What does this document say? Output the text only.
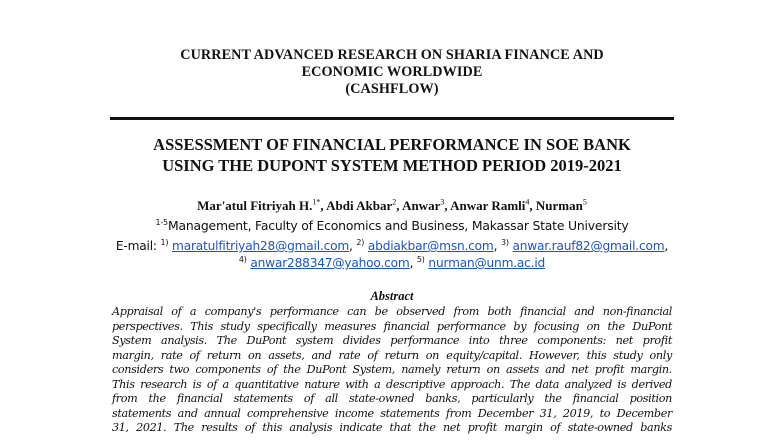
CURRENT ADVANCED RESEARCH ON SHARIA FINANCE AND
ECONOMIC WORLDWIDE
(CASHFLOW)
ASSESSMENT OF FINANCIAL PERFORMANCE IN SOE BANK
USING THE DUPONT SYSTEM METHOD PERIOD 2019-2021
Mar'atul Fitriyah H.$^{1*}$, Abdi Akbar$^2$, Anwar$^3$, Anwar Ramli$^4$, Nurman$^5$
$^{1-5}$Management, Faculty of Economics and Business, Makassar State University
E-mail: $^{1)}$ maratulfitriyah28@gmail.com, $^{2)}$ abdiakbar@msn.com, $^{3)}$ anwar.rauf82@gmail.com,
$^{4)}$ anwar288347@yahoo.com, $^{5)}$ nurman@unm.ac.id
Abstract
Appraisal of a company's performance can be observed from both financial and non-financial
perspectives. This study specifically measures financial performance by focusing on the DuPont
System analysis. The DuPont system divides performance into three components: net profit
margin, rate of return on assets, and rate of return on equity/capital. However, this study only
considers two components of the DuPont System, namely return on assets and net profit margin.
This research is of a quantitative nature with a descriptive approach. The data analyzed is derived
from the financial statements of all state-owned banks, particularly the financial position
statements and annual comprehensive income statements from December 31, 2019, to December
31, 2021. The results of this analysis indicate that the net profit margin of state-owned banks
